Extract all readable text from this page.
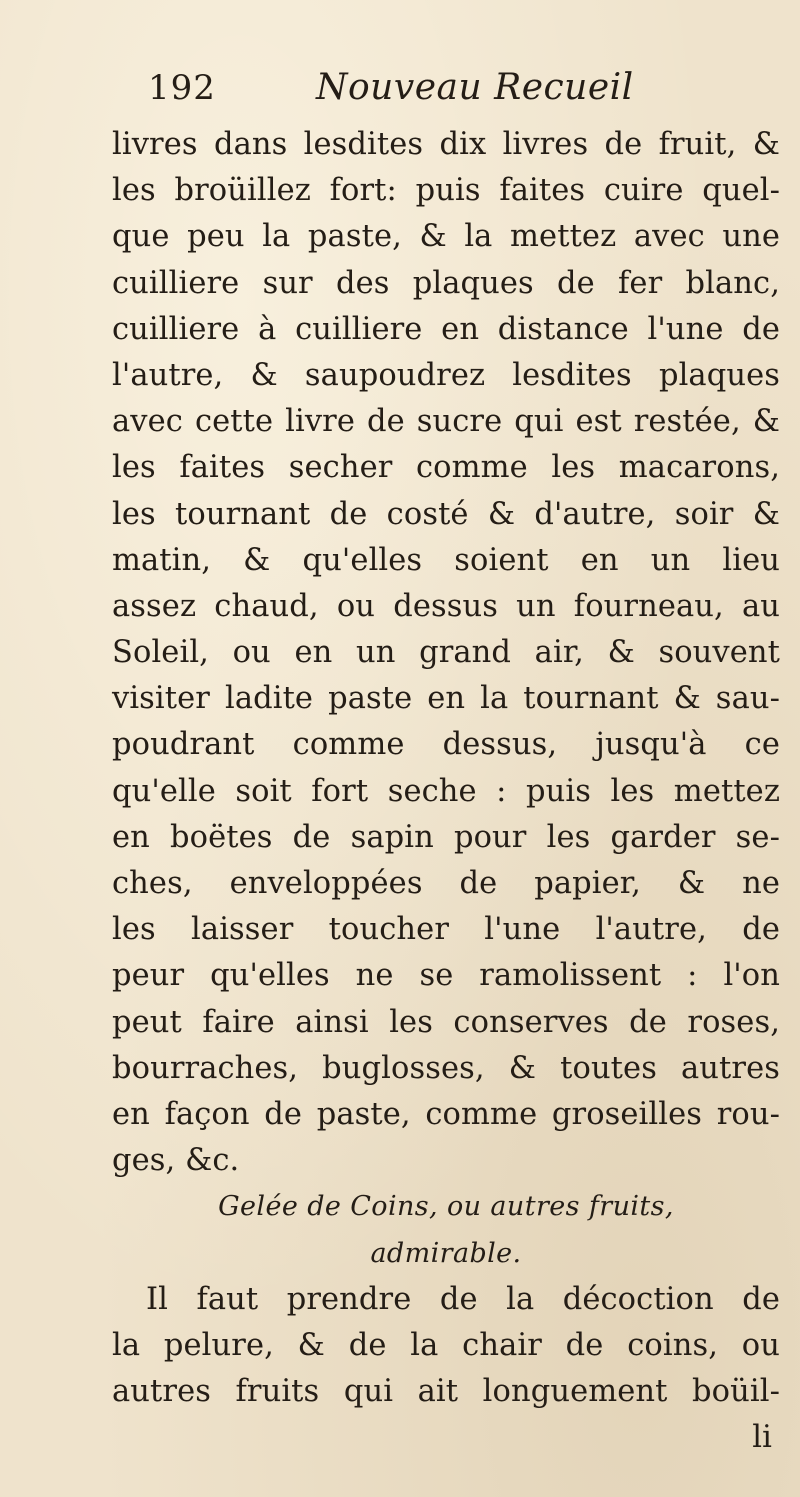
192	Nouveau Recueil
livres dans lesdites dix livres de fruit, &
les broüillez fort: puis faites cuire quel-
que peu la paste, & la mettez avec une
cuilliere sur des plaques de fer blanc,
cuilliere à cuilliere en distance l'une de
l'autre, & saupoudrez lesdites plaques
avec cette livre de sucre qui est restée, &
les faites secher comme les macarons,
les tournant de costé & d'autre, soir &
matin, & qu'elles soient en un lieu
assez chaud, ou dessus un fourneau, au
Soleil, ou en un grand air, & souvent
visiter ladite paste en la tournant & sau-
poudrant comme dessus, jusqu'à ce
qu'elle soit fort seche : puis les mettez
en boëtes de sapin pour les garder se-
ches, enveloppées de papier, & ne
les laisser toucher l'une l'autre, de
peur qu'elles ne se ramolissent : l'on
peut faire ainsi les conserves de roses,
bourraches, buglosses, & toutes autres
en façon de paste, comme groseilles rou-
ges, &c.
Gelée de Coins, ou autres fruits,
admirable.
Il faut prendre de la décoction de
la pelure, & de la chair de coins, ou
autres fruits qui ait longuement boüil-
li
